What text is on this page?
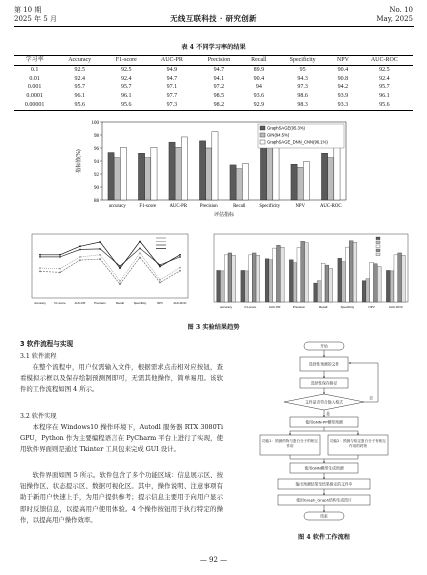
第 10 期
2025 年 5 月	无线互联科技 · 研究创新
No. 10
May, 2025
表 4 不同学习率的结果
学习率	Accuracy	F1-score	AUC-PR	Precision	Recall	Specificity	NPV	AUC-ROC
0.1	92.5	92.5	94.9	94.7	89.9	95	90.4	92.5
0.01	92.4	92.4	94.7	94.1	90.4	94.3	90.8	92.4
0.001	95.7	95.7	97.1	97.2	94	97.3	94.2	95.7
0.0001	96.1	96.1	97.7	98.5	93.6	98.6	93.9	96.1
0.00001	95.6	95.6	97.3	98.2	92.9	98.3	93.3	95.6
88
90
92
94
96
98
100
指标值(%)
accuracy	F1-score	AUC-PR	Precision	Recall	Specificity	NPV	AUC-ROC
评估指标
GraphSAGE(95.3%)
GIN(94.5%)
GraphSAGE_DNN_CNN(96.1%)
Accuracy	F1-score	AUC-PR	Precision	Recall	Specificity	NPV	AUC-ROC
accuracy	F1-score	AUC-PR	Precision	Recall	Specificity	NPV	AUC-ROC
图 3 实验结果趋势
3 软件流程与实现
3.1 软件流程
在整个流程中，用户仅需输入文件，根据需求点击相对应按钮，查看模拟示框以及保存绘制预测图即可，无需其他操作，简单易用。该软件的工作流程如图 4 所示。
3.2 软件实现
本程序在 Windows10 操作环境下，Autodl 服务器 RTX 3080Ti GPU，Python 作为主要编程语言在 PyCharm 平台上进行了实现，使用软件界面则是通过 Tkinter 工具包来完成 GUI 设计。
软件界面如图 5 所示。软件包含了多个功能区域：信息展示区、按钮操作区、状态提示区、数据可视化区。其中，操作说明、注意事项有助于新用户快速上手，为用户提供参考；提示信息主要用于向用户显示即时反馈信息，以提高用户使用体验。4 个操作按钮用于执行特定的操作，以提高用户操作效率。
开始
选择性预测的文件
选择性保存路径
文件是否符合输入格式
否
是
使用GNN-PP模型预测
功能1：预测药物与蛋白分子的相互作用
功能2：预测与给定蛋白分子有相互作用的药物
使用GNN模型生成预测
输出预测结果至结果指定的文件中
使用Graph_Graph结构生成图片
结束
图 4 软件工作流程
— 92 —
